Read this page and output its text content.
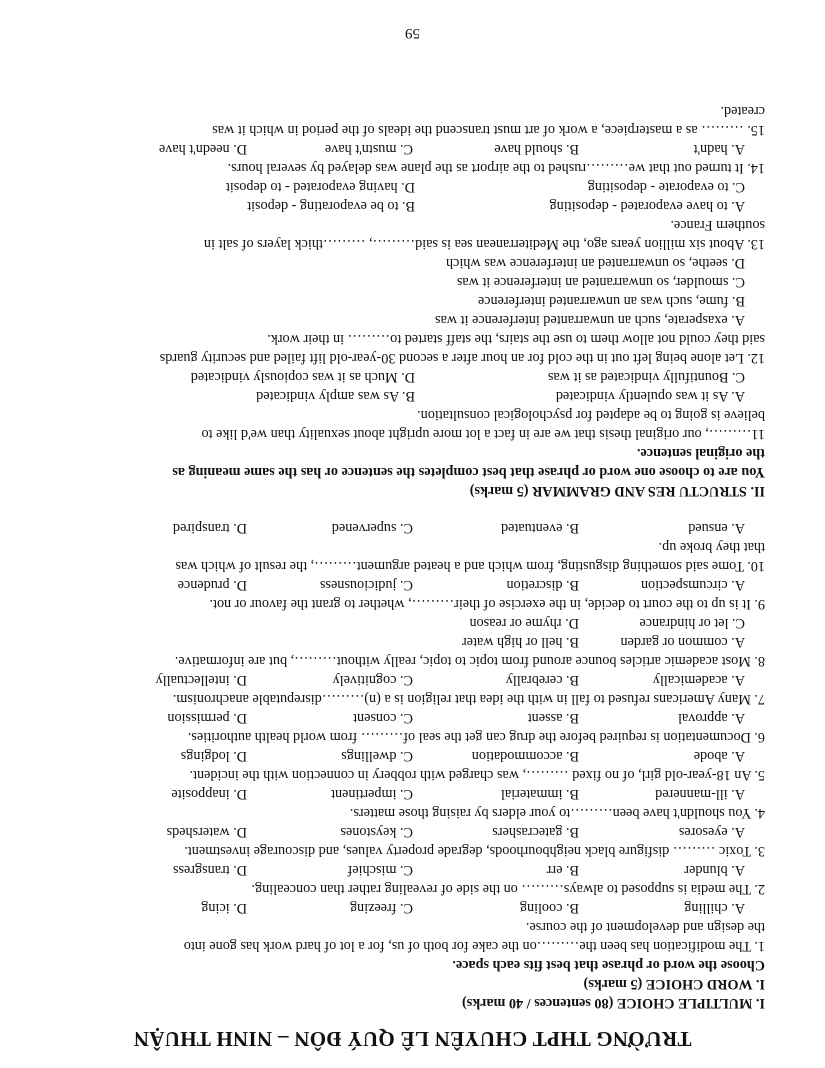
TRƯỜNG THPT CHUYÊN LÊ QUÝ ĐÔN – NINH THUẬN
I. MULTIPLE CHOICE (80 sentences / 40 marks)
I. WORD CHOICE (5 marks)
Choose the word or phrase that best fits each space.
1. The modification has been the………on the cake for both of us, for a lot of hard work has gone into
the design and development of the course.
A. chilling
B. cooling
C. freezing
D. icing
2. The media is supposed to always……… on the side of revealing rather than concealing.
A. blunder
B. err
C. mischief
D. transgress
3. Toxic ……… disfigure black neighbourhoods, degrade property values, and discourage investment.
A. eyesores
B. gatecrashers
C. keystones
D. watersheds
4. You shouldn't have been………to your elders by raising those matters.
A. ill-mannered
B. immaterial
C. impertinent
D. inapposite
5. An 18-year-old girl, of no fixed ………, was charged with robbery in connection with the incident.
A. abode
B. accommodation
C. dwellings
D. lodgings
6. Documentation is required before the drug can get the seal of……… from world health authorities.
A. approval
B. assent
C. consent
D. permission
7. Many Americans refused to fall in with the idea that religion is a (n)………disreputable anachronism.
A. academically
B. cerebrally
C. cognitively
D. intellectually
8. Most academic articles bounce around from topic to topic, really without………, but are informative.
A. common or garden
B. hell or high water
C. let or hindrance
D. rhyme or reason
9. It is up to the court to decide, in the exercise of their………, whether to grant the favour or not.
A. circumspection
B. discretion
C. judiciousness
D. prudence
10. Tome said something disgusting, from which and a heated argument………, the result of which was
that they broke up.
A. ensued
B. eventuated
C. supervened
D. transpired
II. STRUCTU RES AND GRAMMAR (5 marks)
You are to choose one word or phrase that best completes the sentence or has the same meaning as
the original sentence.
11………, our original thesis that we are in fact a lot more upright about sexuality than we'd like to
believe is going to be adapted for psychological consultation.
A. As it was opulently vindicated
B. As was amply vindicated
C. Bountifully vindicated as it was
D. Much as it was copiously vindicated
12. Let alone being left out in the cold for an hour after a second 30-year-old lift failed and security guards
said they could not allow them to use the stairs, the staff started to……… in their work.
A. exasperate, such an unwarranted interference it was
B. fume, such was an unwarranted interference
C. smoulder, so unwarranted an interference it was
D. seethe, so unwarranted an interference was which
13. About six million years ago, the Mediterranean sea is said………, ………thick layers of salt in
southern France.
A. to have evaporated - depositing
B. to be evaporating - deposit
C. to evaporate - depositing
D. having evaporated - to deposit
14. It turned out that we………rushed to the airport as the plane was delayed by several hours.
A. hadn't
B. should have
C. mustn't have
D. needn't have
15. ……… as a masterpiece, a work of art must transcend the ideals of the period in which it was
created.
59
